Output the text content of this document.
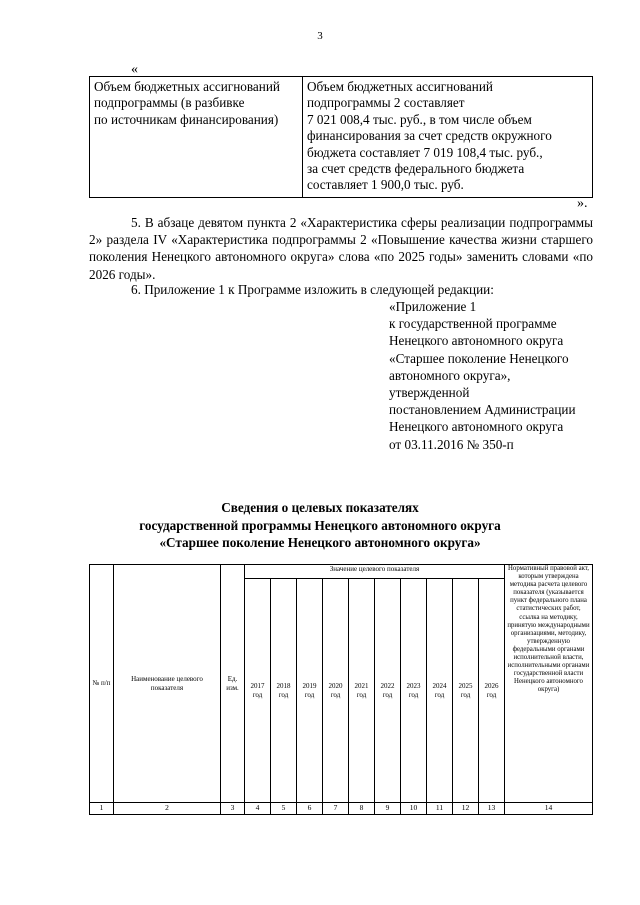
3
«
Объем бюджетных ассигнований
подпрограммы (в разбивке
по источникам финансирования)

Объем бюджетных ассигнований
подпрограммы 2 составляет
7 021 008,4 тыс. руб., в том числе объем
финансирования за счет средств окружного
бюджета составляет 7 019 108,4 тыс. руб.,
за счет средств федерального бюджета
составляет 1 900,0 тыс. руб.
».
5. В абзаце девятом пункта 2 «Характеристика сферы реализации подпрограммы 2» раздела IV «Характеристика подпрограммы 2 «Повышение качества жизни старшего поколения Ненецкого автономного округа» слова «по 2025 годы» заменить словами «по 2026 годы».
6. Приложение 1 к Программе изложить в следующей редакции:
«Приложение 1
к государственной программе
Ненецкого автономного округа
«Старшее поколение Ненецкого
автономного округа»,
утвержденной
постановлением Администрации
Ненецкого автономного округа
от 03.11.2016 № 350-п
Сведения о целевых показателях
государственной программы Ненецкого автономного округа
«Старшее поколение Ненецкого автономного округа»
№ п/п	Наименование целевого показателя	Ед. изм.	Значение целевого показателя										Нормативный правовой акт, которым утверждена методика расчета целевого показателя (указывается пункт федерального плана статистических работ, ссылка на методику, принятую международными организациями, методику, утвержденную федеральными органами исполнительной власти, исполнительными органами государственной власти Ненецкого автономного округа)
			2017 год	2018 год	2019 год	2020 год	2021 год	2022 год	2023 год	2024 год	2025 год	2026 год	
1	2	3	4	5	6	7	8	9	10	11	12	13	14
